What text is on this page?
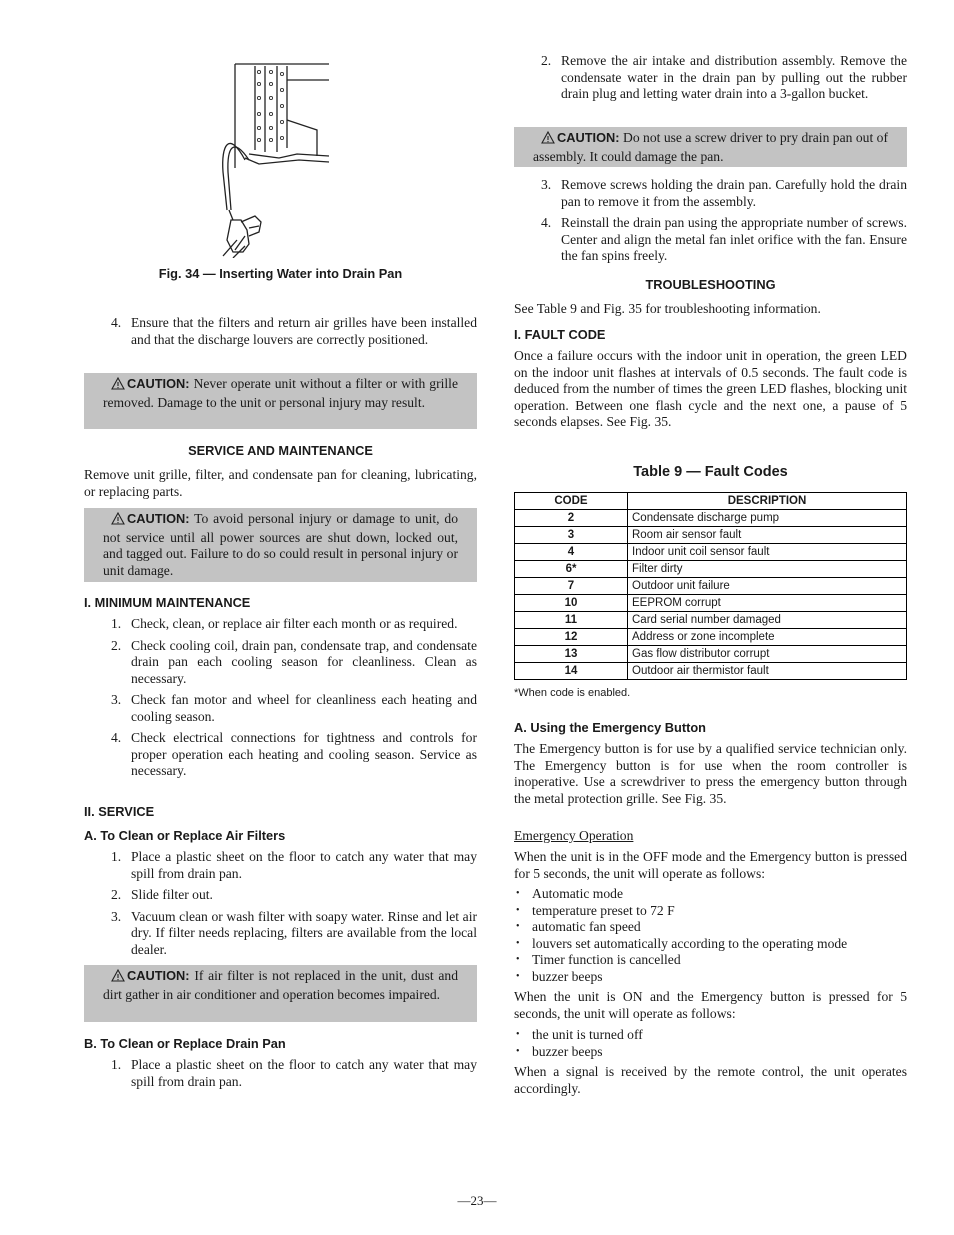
Fig. 34 — Inserting Water into Drain Pan
4. Ensure that the filters and return air grilles have been installed and that the discharge louvers are correctly positioned.
CAUTION: Never operate unit without a filter or with grille removed. Damage to the unit or personal injury may result.
SERVICE AND MAINTENANCE

Remove unit grille, filter, and condensate pan for cleaning, lubricating, or replacing parts.

CAUTION: To avoid personal injury or damage to unit, do not service until all power sources are shut down, locked out, and tagged out. Failure to do so could result in personal injury or unit damage.
I. MINIMUM MAINTENANCE
1. Check, clean, or replace air filter each month or as required.
2. Check cooling coil, drain pan, condensate trap, and condensate drain pan each cooling season for cleanliness. Clean as necessary.
3. Check fan motor and wheel for cleanliness each heating and cooling season.
4. Check electrical connections for tightness and controls for proper operation each heating and cooling season. Service as necessary.
II. SERVICE
A. To Clean or Replace Air Filters
1. Place a plastic sheet on the floor to catch any water that may spill from drain pan.
2. Slide filter out.
3. Vacuum clean or wash filter with soapy water. Rinse and let air dry. If filter needs replacing, filters are available from the local dealer.
CAUTION: If air filter is not replaced in the unit, dust and dirt gather in air conditioner and operation becomes impaired.
B. To Clean or Replace Drain Pan
1. Place a plastic sheet on the floor to catch any water that may spill from drain pan.
2. Remove the air intake and distribution assembly. Remove the condensate water in the drain pan by pulling out the rubber drain plug and letting water drain into a 3-gallon bucket.
CAUTION: Do not use a screw driver to pry drain pan out of assembly. It could damage the pan.
3. Remove screws holding the drain pan. Carefully hold the drain pan to remove it from the assembly.
4. Reinstall the drain pan using the appropriate number of screws. Center and align the metal fan inlet orifice with the fan. Ensure the fan spins freely.
TROUBLESHOOTING

See Table 9 and Fig. 35 for troubleshooting information.

I. FAULT CODE

Once a failure occurs with the indoor unit in operation, the green LED on the indoor unit flashes at intervals of 0.5 seconds. The fault code is deduced from the number of times the green LED flashes, blocking unit operation. Between one flash cycle and the next one, a pause of 5 seconds elapses. See Fig. 35.

Table 9 — Fault Codes
CODE	DESCRIPTION
2	Condensate discharge pump
3	Room air sensor fault
4	Indoor unit coil sensor fault
6*	Filter dirty
7	Outdoor unit failure
10	EEPROM corrupt
11	Card serial number damaged
12	Address or zone incomplete
13	Gas flow distributor corrupt
14	Outdoor air thermistor fault
*When code is enabled.
A. Using the Emergency Button

The Emergency button is for use by a qualified service technician only. The Emergency button is for use when the room controller is inoperative. Use a screwdriver to press the emergency button through the metal protection grille. See Fig. 35.

Emergency Operation

When the unit is in the OFF mode and the Emergency button is pressed for 5 seconds, the unit will operate as follows:

• Automatic mode
• temperature preset to 72 F
• automatic fan speed
• louvers set automatically according to the operating mode
• Timer function is cancelled
• buzzer beeps

When the unit is ON and the Emergency button is pressed for 5 seconds, the unit will operate as follows:

• the unit is turned off
• buzzer beeps

When a signal is received by the remote control, the unit operates accordingly.

—23—
